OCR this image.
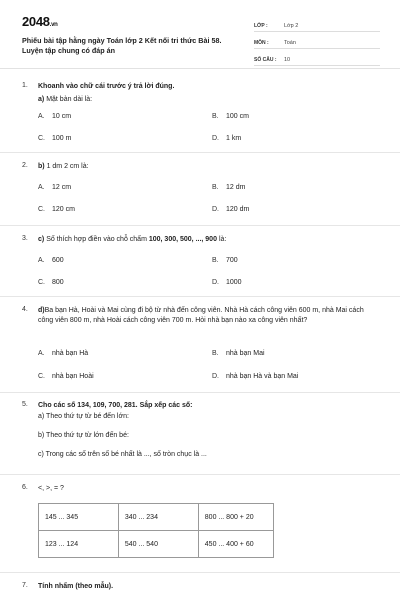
2048.vn
Phiếu bài tập hằng ngày Toán lớp 2 Kết nối tri thức Bài 58.
Luyện tập chung có đáp án
LỚP :	Lớp 2
MÔN :	Toán
SỐ CÂU :	10
1. Khoanh vào chữ cái trước ý trả lời đúng.
a) Mặt bàn dài là:
A. 10 cm	B. 100 cm
C. 100 m	D. 1 km
2. b) 1 dm 2 cm là:
A. 12 cm	B. 12 dm
C. 120 cm	D. 120 dm
3. c) Số thích hợp điền vào chỗ chấm 100, 300, 500, ..., 900 là:
A. 600	B. 700
C. 800	D. 1000
4. d)Ba bạn Hà, Hoài và Mai cùng đi bộ từ nhà đến công viên. Nhà Hà cách công viên 600 m, nhà Mai cách công viên 800 m, nhà Hoài cách công viên 700 m. Hỏi nhà bạn nào xa công viên nhất?
A. nhà bạn Hà	B. nhà bạn Mai
C. nhà bạn Hoài	D. nhà bạn Hà và bạn Mai
5. Cho các số 134, 109, 700, 281. Sắp xếp các số:
a) Theo thứ tự từ bé đến lớn:
b) Theo thứ tự từ lớn đến bé:
c) Trong các số trên số bé nhất là ..., số tròn chục là ...
6. <, >, = ?
145 ... 345	340 ... 234	800 ... 800 + 20
123 ... 124	540 ... 540	450 ... 400 + 60
7. Tính nhẩm (theo mẫu).
